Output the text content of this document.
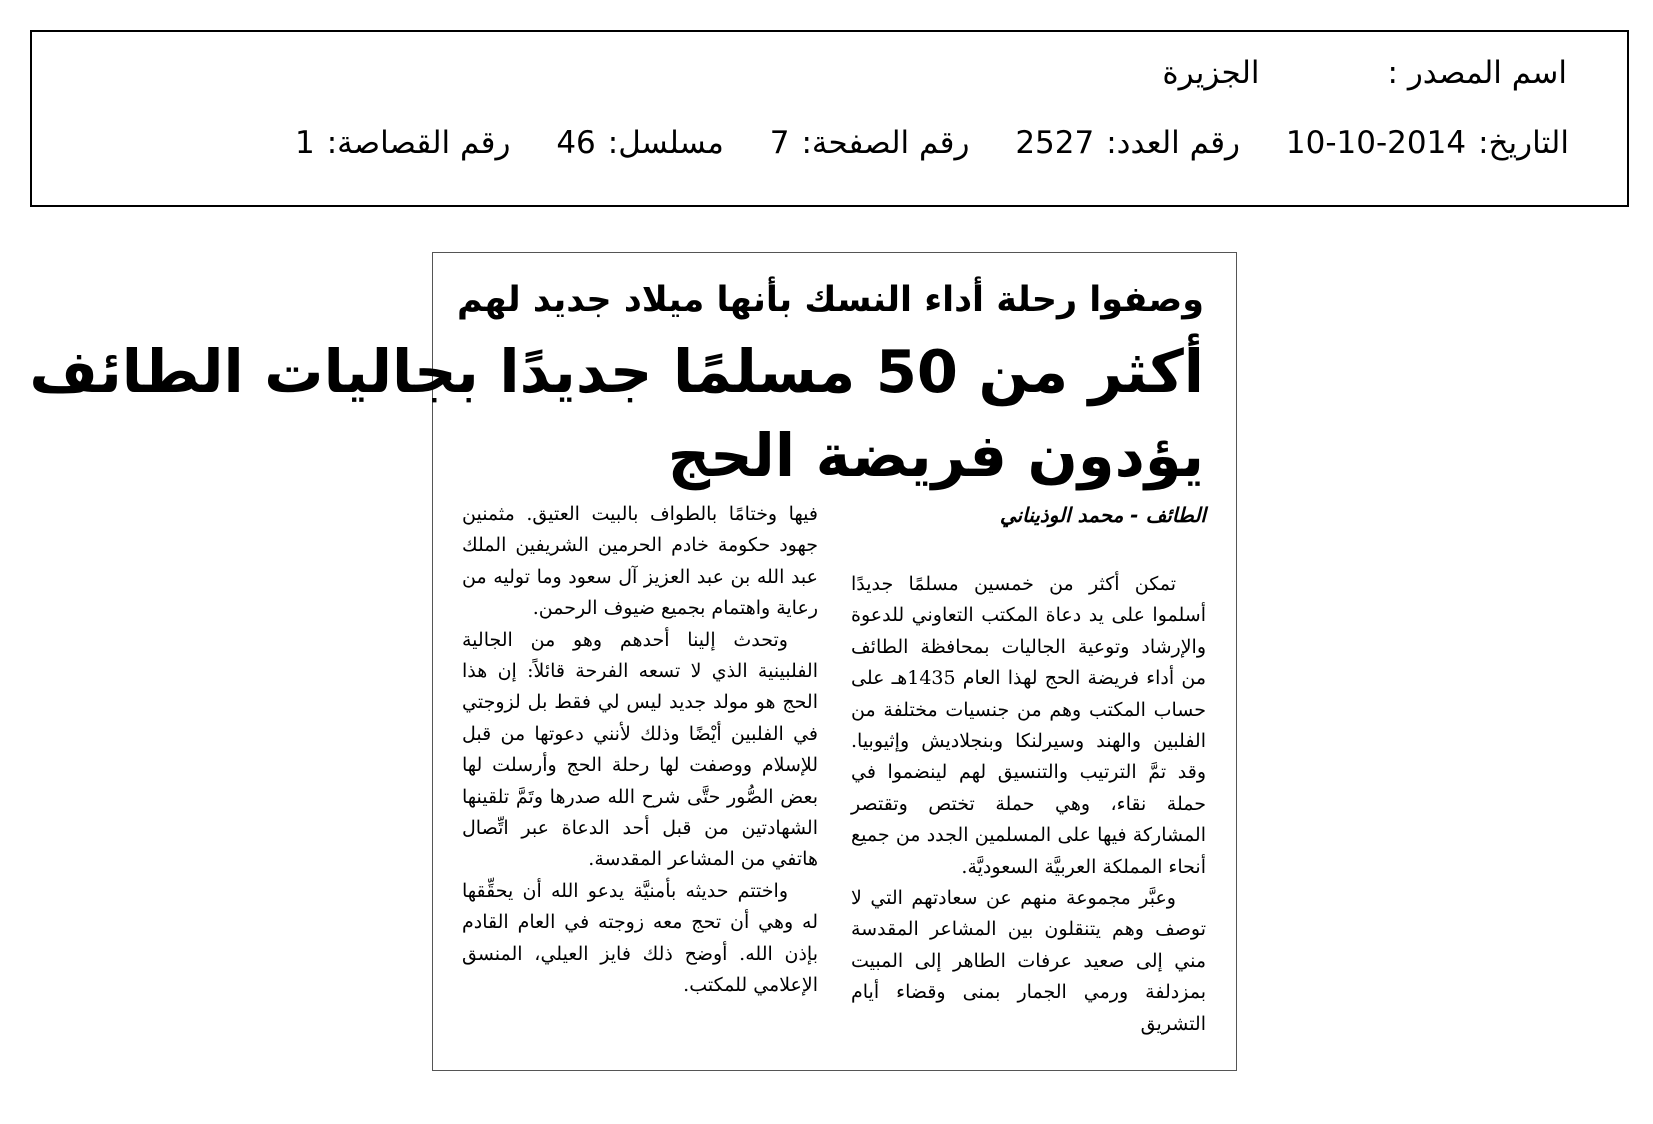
اسم المصدر :الجزيرة
التاريخ:2014-10-10 رقم العدد:2527 رقم الصفحة:7 مسلسل:46 رقم القصاصة:1
وصفوا رحلة أداء النسك بأنها ميلاد جديد لهم
أكثر من 50 مسلمًا جديدًا بجاليات الطائف
يؤدون فريضة الحج
الطائف - محمد الوذيناني

تمكن أكثر من خمسين مسلمًا جديدًا أسلموا على يد دعاة المكتب التعاوني للدعوة والإرشاد وتوعية الجاليات بمحافظة الطائف من أداء فريضة الحج لهذا العام 1435هـ على حساب المكتب وهم من جنسيات مختلفة من الفلبين والهند وسيرلنكا وبنجلاديش وإثيوبيا. وقد تمَّ الترتيب والتنسيق لهم لينضموا في حملة نقاء، وهي حملة تختص وتقتصر المشاركة فيها على المسلمين الجدد من جميع أنحاء المملكة العربيَّة السعوديَّة.

وعبَّر مجموعة منهم عن سعادتهم التي لا توصف وهم يتنقلون بين المشاعر المقدسة مني إلى صعيد عرفات الطاهر إلى المبيت بمزدلفة ورمي الجمار بمنى وقضاء أيام التشريق

فيها وختامًا بالطواف بالبيت العتيق. مثمنين جهود حكومة خادم الحرمين الشريفين الملك عبد الله بن عبد العزيز آل سعود وما توليه من رعاية واهتمام بجميع ضيوف الرحمن.

وتحدث إلينا أحدهم وهو من الجالية الفلبينية الذي لا تسعه الفرحة قائلاً: إن هذا الحج هو مولد جديد ليس لي فقط بل لزوجتي في الفلبين أيْضًا وذلك لأنني دعوتها من قبل للإسلام ووصفت لها رحلة الحج وأرسلت لها بعض الصُّور حتَّى شرح الله صدرها وتَمَّ تلقينها الشهادتين من قبل أحد الدعاة عبر اتِّصال هاتفي من المشاعر المقدسة.

واختتم حديثه بأمنيَّة يدعو الله أن يحقِّقها له وهي أن تحج معه زوجته في العام القادم بإذن الله. أوضح ذلك فايز العيلي، المنسق الإعلامي للمكتب.
